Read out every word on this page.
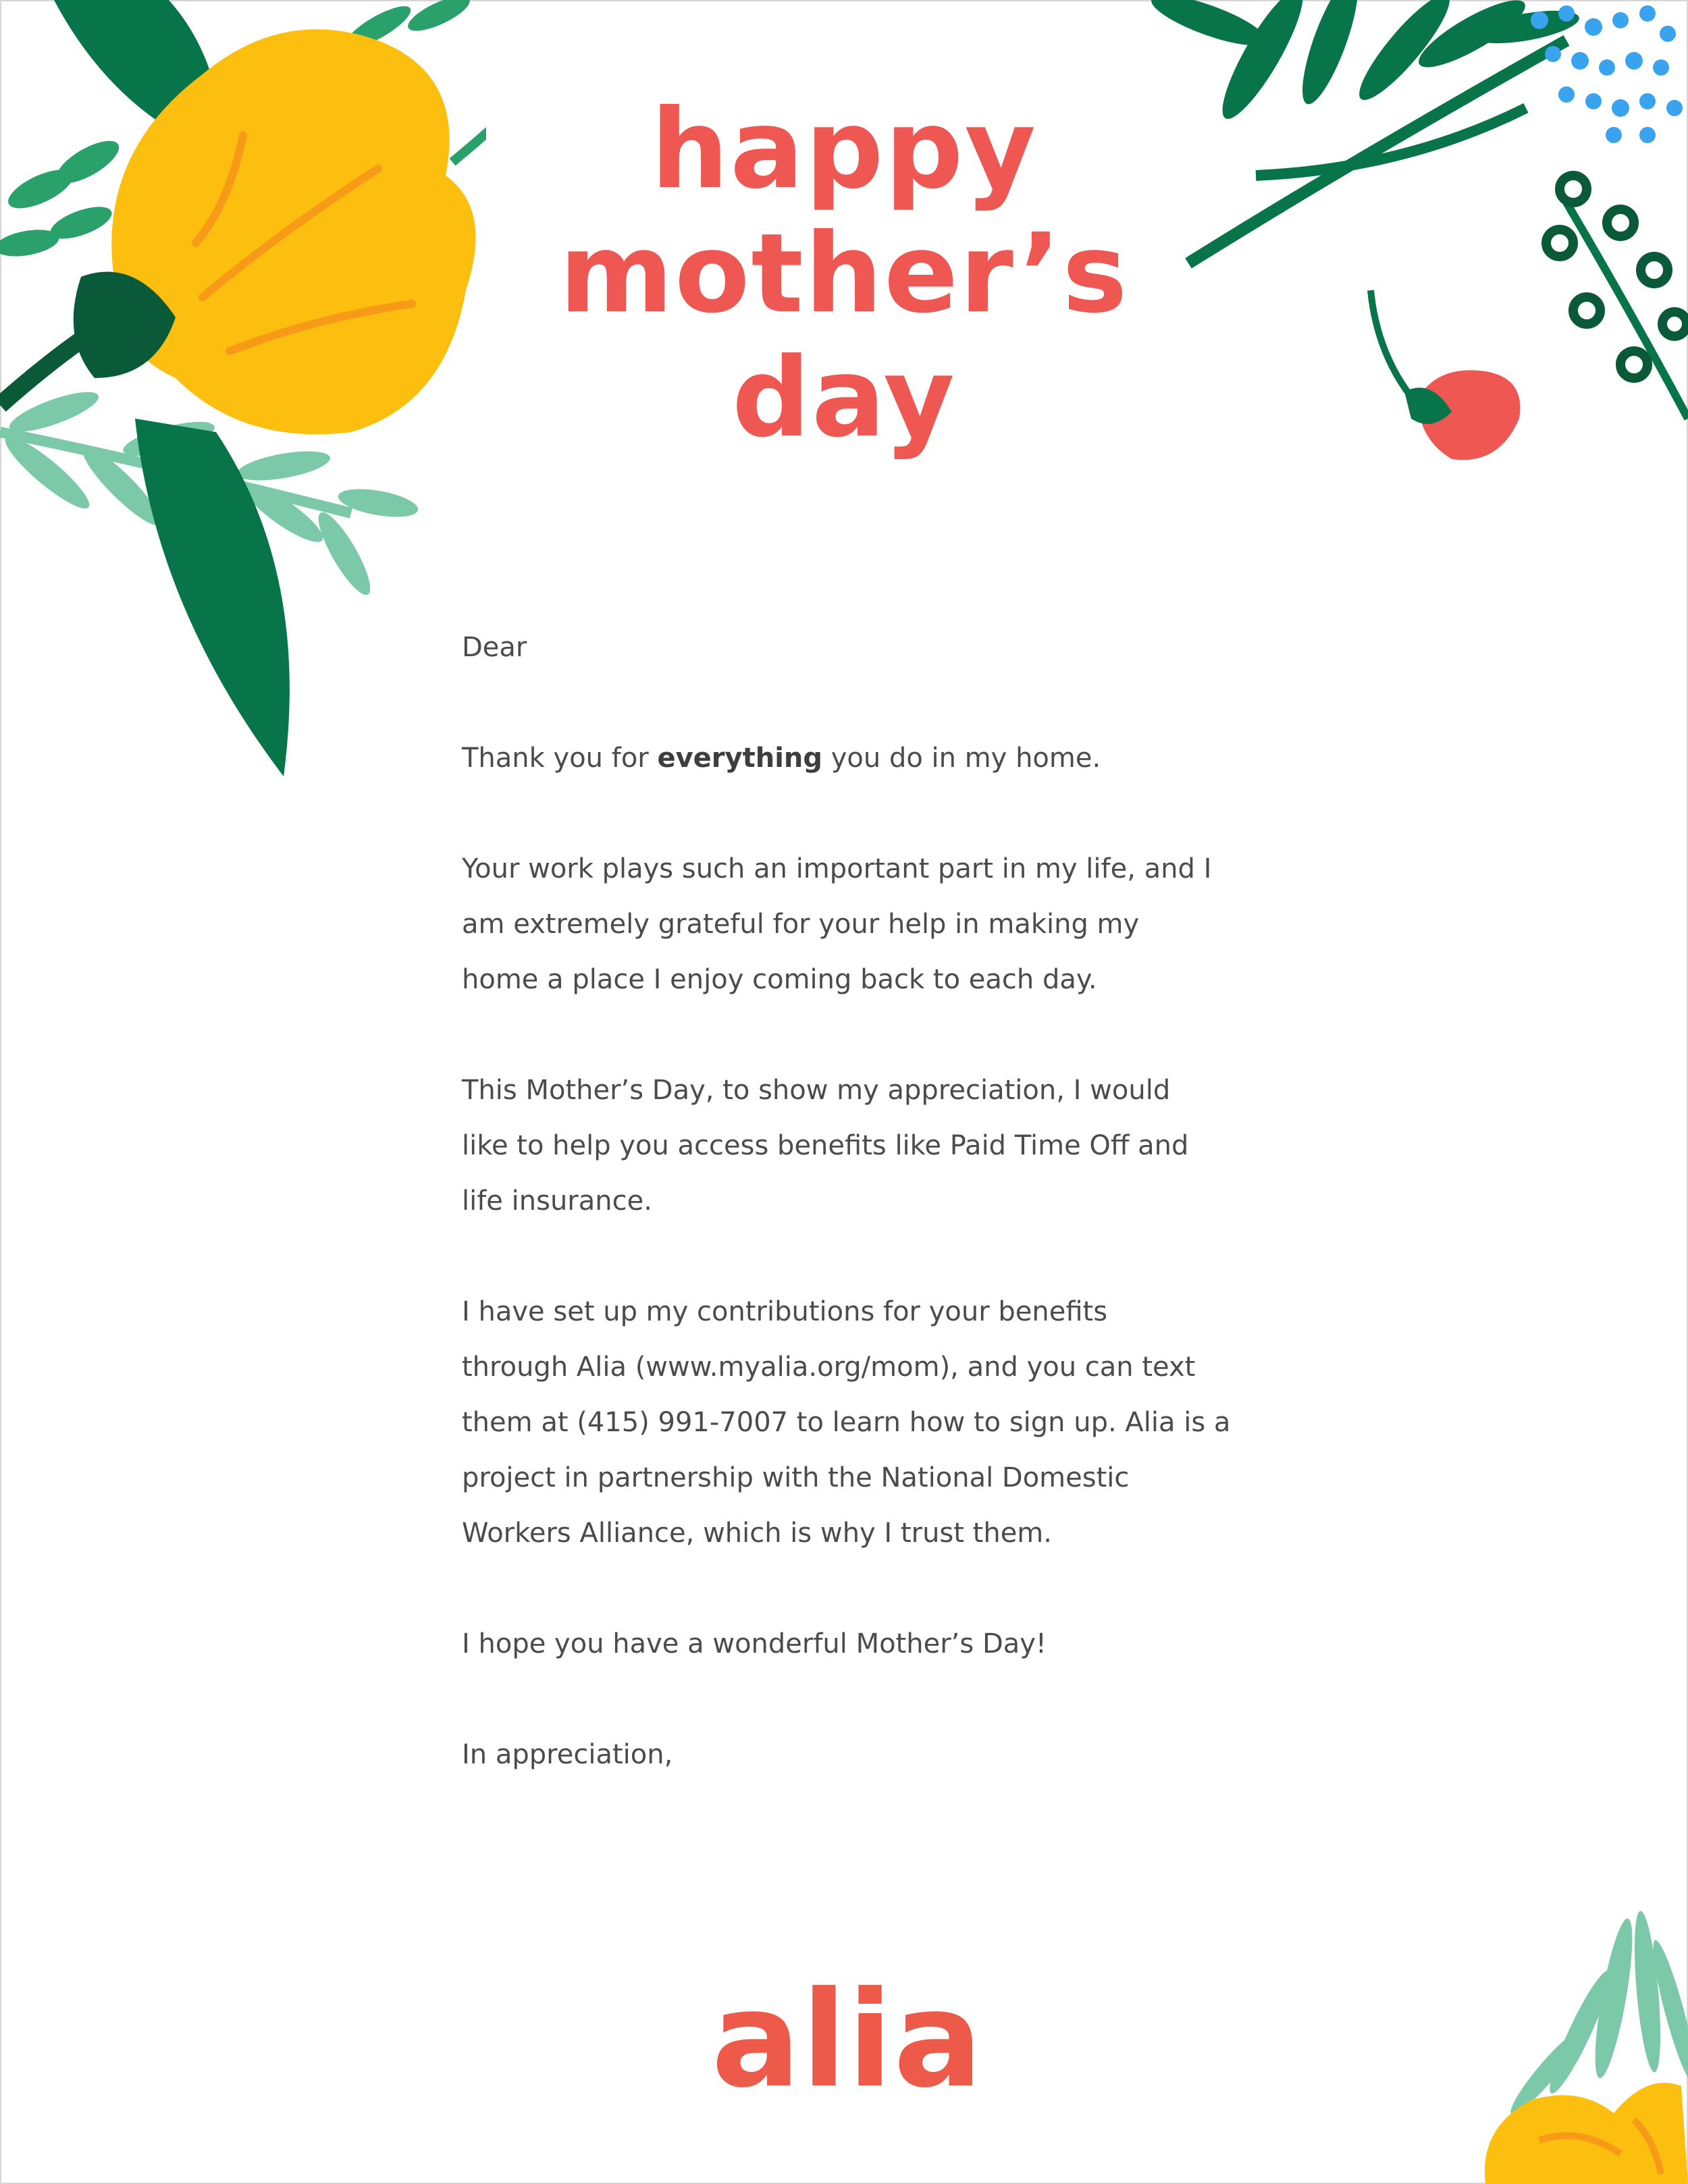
happy
mother’s
day

Dear

Thank you for everything you do in my home.

Your work plays such an important part in my life, and I
am extremely grateful for your help in making my
home a place I enjoy coming back to each day.

This Mother’s Day, to show my appreciation, I would
like to help you access benefits like Paid Time Off and
life insurance.

I have set up my contributions for your benefits
through Alia (www.myalia.org/mom), and you can text
them at (415) 991-7007 to learn how to sign up. Alia is a
project in partnership with the National Domestic
Workers Alliance, which is why I trust them.

I hope you have a wonderful Mother’s Day!

In appreciation,

alia
